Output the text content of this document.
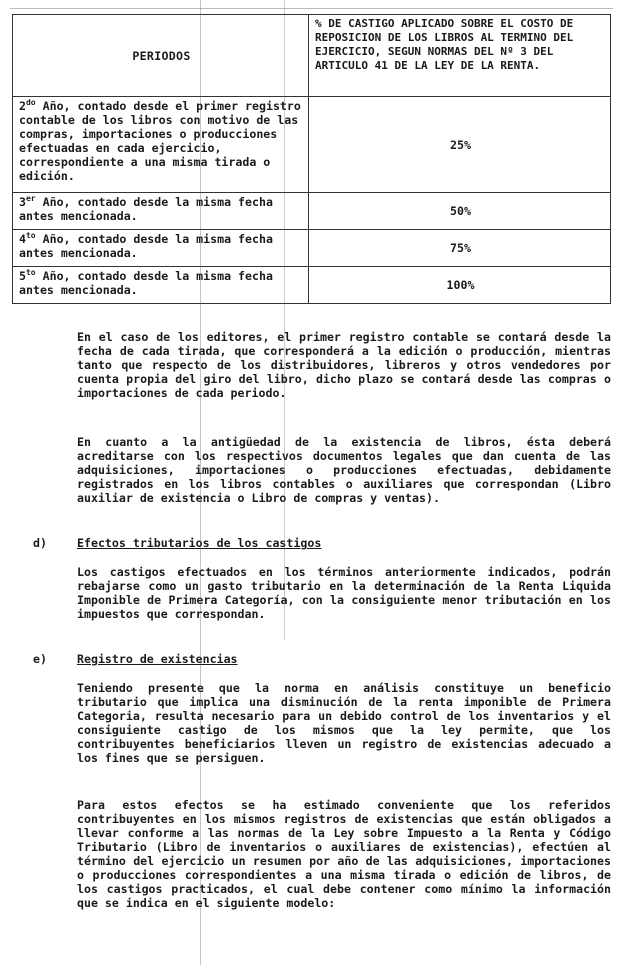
PERIODOS	% DE CASTIGO APLICADO SOBRE EL COSTO DE REPOSICION DE LOS LIBROS AL TERMINO DEL EJERCICIO, SEGUN NORMAS DEL Nº 3 DEL ARTICULO 41 DE LA LEY DE LA RENTA.
$2^{do}$ Año, contado desde el primer registro contable de los libros con motivo de las compras, importaciones o producciones efectuadas en cada ejercicio, correspondiente a una misma tirada o edición.	25%
3er Año, contado desde la misma fecha antes mencionada.	50%
$4^{to}$ Año, contado desde la misma fecha antes mencionada.	75%
$5^{to}$ Año, contado desde la misma fecha antes mencionada.	100%

En el caso de los editores, el primer registro contable se contará desde la fecha de cada tirada, que corresponderá a la edición o producción, mientras tanto que respecto de los distribuidores, libreros y otros vendedores por cuenta propia del giro del libro, dicho plazo se contará desde las compras o importaciones de cada periodo.

En cuanto a la antigüedad de la existencia de libros, ésta deberá acreditarse con los respectivos documentos legales que dan cuenta de las adquisiciones, importaciones o producciones efectuadas, debidamente registrados en los libros contables o auxiliares que correspondan (Libro auxiliar de existencia o Libro de compras y ventas).

d)	Efectos tributarios de los castigos

Los castigos efectuados en los términos anteriormente indicados, podrán rebajarse como un gasto tributario en la determinación de la Renta Liquida Imponible de Primera Categoría, con la consiguiente menor tributación en los impuestos que correspondan.

e)	Registro de existencias

Teniendo presente que la norma en análisis constituye un beneficio tributario que implica una disminución de la renta imponible de Primera Categoria, resulta necesario para un debido control de los inventarios y el consiguiente castigo de los mismos que la ley permite, que los contribuyentes beneficiarios lleven un registro de existencias adecuado a los fines que se persiguen.

Para estos efectos se ha estimado conveniente que los referidos contribuyentes en los mismos registros de existencias que están obligados a llevar conforme a las normas de la Ley sobre Impuesto a la Renta y Código Tributario (Libro de inventarios o auxiliares de existencias), efectúen al término del ejercicio un resumen por año de las adquisiciones, importaciones o producciones correspondientes a una misma tirada o edición de libros, de los castigos practicados, el cual debe contener como mínimo la información que se indica en el siguiente modelo:
